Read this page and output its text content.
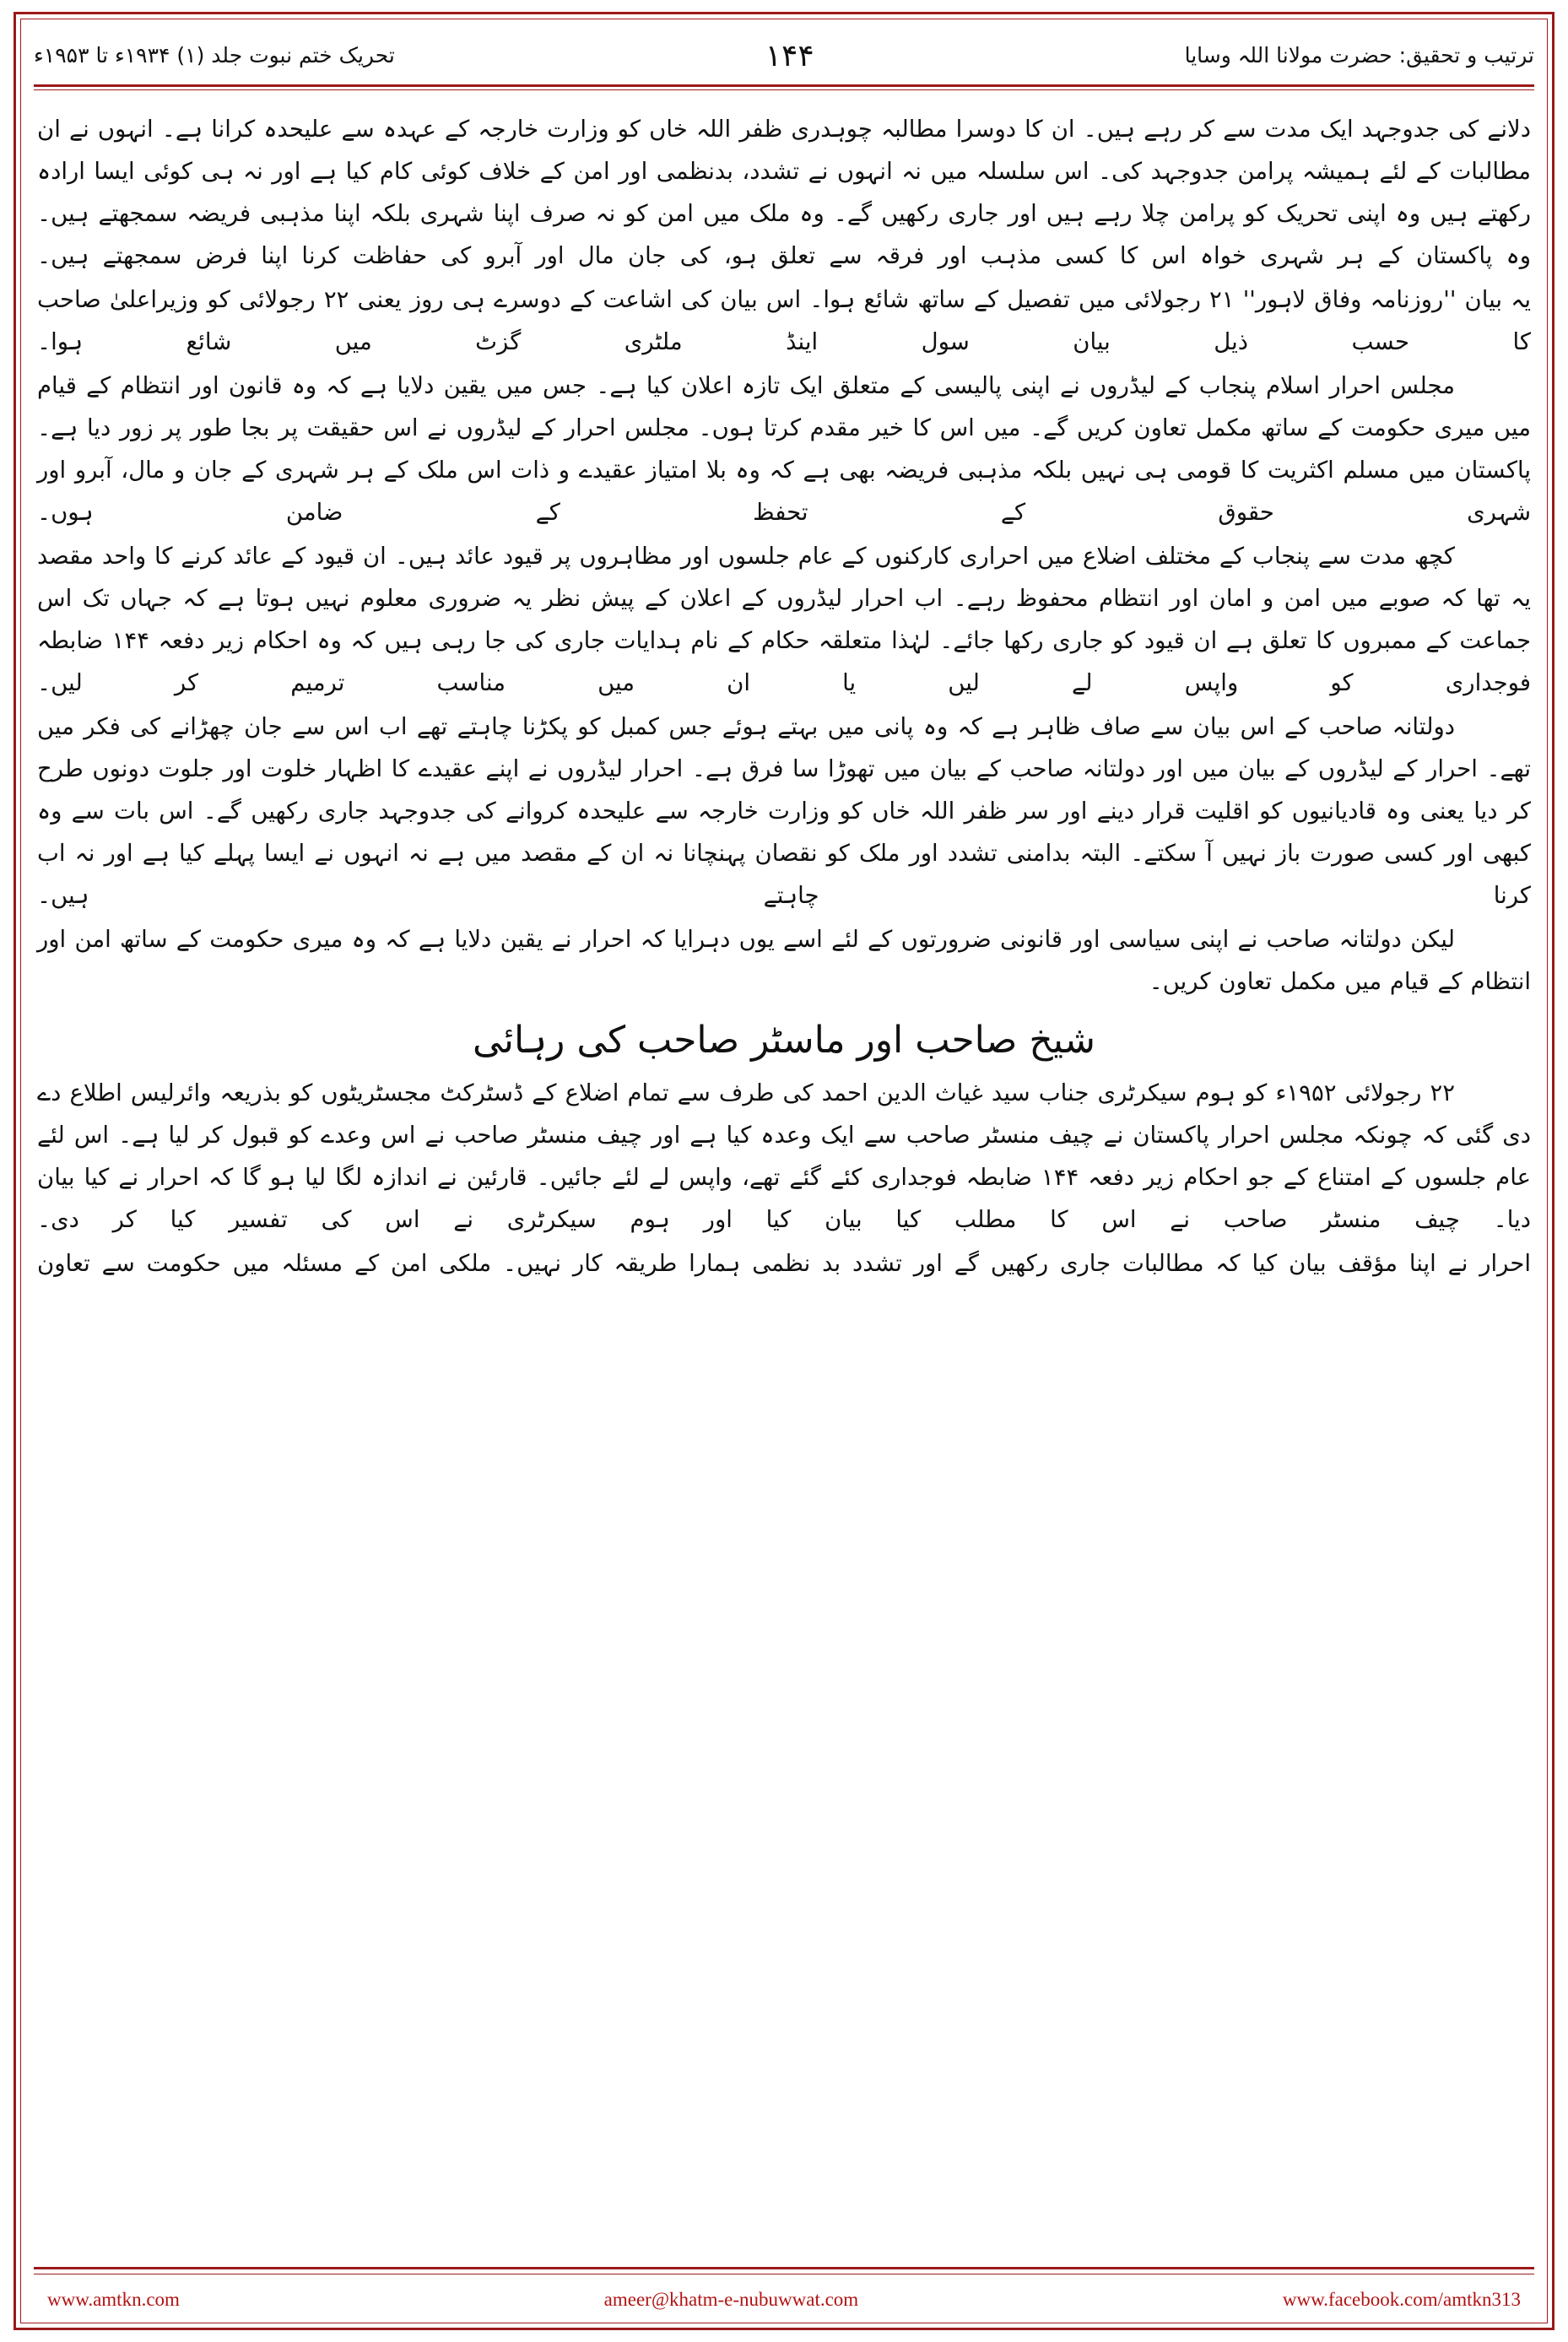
تحریک ختم نبوت جلد (۱) ۱۹۳۴ء تا ۱۹۵۳ء	۱۴۴	ترتیب و تحقیق: حضرت مولانا اللہ وسایا

دلانے کی جدوجہد ایک مدت سے کر رہے ہیں۔ ان کا دوسرا مطالبہ چوہدری ظفر اللہ خاں کو وزارت خارجہ کے عہدہ سے علیحدہ کرانا ہے۔ انہوں نے ان مطالبات کے لئے ہمیشہ پرامن جدوجہد کی۔ اس سلسلہ میں نہ انہوں نے تشدد، بدنظمی اور امن کے خلاف کوئی کام کیا ہے اور نہ ہی کوئی ایسا ارادہ رکھتے ہیں وہ اپنی تحریک کو پرامن چلا رہے ہیں اور جاری رکھیں گے۔ وہ ملک میں امن کو نہ صرف اپنا شہری بلکہ اپنا مذہبی فریضہ سمجھتے ہیں۔ وہ پاکستان کے ہر شہری خواہ اس کا کسی مذہب اور فرقہ سے تعلق ہو، کی جان مال اور آبرو کی حفاظت کرنا اپنا فرض سمجھتے ہیں۔

یہ بیان ''روزنامہ وفاق لاہور'' ۲۱ رجولائی میں تفصیل کے ساتھ شائع ہوا۔ اس بیان کی اشاعت کے دوسرے ہی روز یعنی ۲۲ رجولائی کو وزیراعلیٰ صاحب کا حسب ذیل بیان سول اینڈ ملٹری گزٹ میں شائع ہوا۔

مجلس احرار اسلام پنجاب کے لیڈروں نے اپنی پالیسی کے متعلق ایک تازہ اعلان کیا ہے۔ جس میں یقین دلایا ہے کہ وہ قانون اور انتظام کے قیام میں میری حکومت کے ساتھ مکمل تعاون کریں گے۔ میں اس کا خیر مقدم کرتا ہوں۔ مجلس احرار کے لیڈروں نے اس حقیقت پر بجا طور پر زور دیا ہے۔ پاکستان میں مسلم اکثریت کا قومی ہی نہیں بلکہ مذہبی فریضہ بھی ہے کہ وہ بلا امتیاز عقیدے و ذات اس ملک کے ہر شہری کے جان و مال، آبرو اور شہری حقوق کے تحفظ کے ضامن ہوں۔

کچھ مدت سے پنجاب کے مختلف اضلاع میں احراری کارکنوں کے عام جلسوں اور مظاہروں پر قیود عائد ہیں۔ ان قیود کے عائد کرنے کا واحد مقصد یہ تھا کہ صوبے میں امن و امان اور انتظام محفوظ رہے۔ اب احرار لیڈروں کے اعلان کے پیش نظر یہ ضروری معلوم نہیں ہوتا ہے کہ جہاں تک اس جماعت کے ممبروں کا تعلق ہے ان قیود کو جاری رکھا جائے۔ لہٰذا متعلقہ حکام کے نام ہدایات جاری کی جا رہی ہیں کہ وہ احکام زیر دفعہ ۱۴۴ ضابطہ فوجداری کو واپس لے لیں یا ان میں مناسب ترمیم کر لیں۔

دولتانہ صاحب کے اس بیان سے صاف ظاہر ہے کہ وہ پانی میں بہتے ہوئے جس کمبل کو پکڑنا چاہتے تھے اب اس سے جان چھڑانے کی فکر میں تھے۔ احرار کے لیڈروں کے بیان میں اور دولتانہ صاحب کے بیان میں تھوڑا سا فرق ہے۔ احرار لیڈروں نے اپنے عقیدے کا اظہار خلوت اور جلوت دونوں طرح کر دیا یعنی وہ قادیانیوں کو اقلیت قرار دینے اور سر ظفر اللہ خاں کو وزارت خارجہ سے علیحدہ کروانے کی جدوجہد جاری رکھیں گے۔ اس بات سے وہ کبھی اور کسی صورت باز نہیں آ سکتے۔ البتہ بدامنی تشدد اور ملک کو نقصان پہنچانا نہ ان کے مقصد میں ہے نہ انہوں نے ایسا پہلے کیا ہے اور نہ اب کرنا چاہتے ہیں۔

لیکن دولتانہ صاحب نے اپنی سیاسی اور قانونی ضرورتوں کے لئے اسے یوں دہرایا کہ احرار نے یقین دلایا ہے کہ وہ میری حکومت کے ساتھ امن اور انتظام کے قیام میں مکمل تعاون کریں۔

شیخ صاحب اور ماسٹر صاحب کی رہائی

۲۲ رجولائی ۱۹۵۲ء کو ہوم سیکرٹری جناب سید غیاث الدین احمد کی طرف سے تمام اضلاع کے ڈسٹرکٹ مجسٹریٹوں کو بذریعہ وائرلیس اطلاع دے دی گئی کہ چونکہ مجلس احرار پاکستان نے چیف منسٹر صاحب سے ایک وعدہ کیا ہے اور چیف منسٹر صاحب نے اس وعدے کو قبول کر لیا ہے۔ اس لئے عام جلسوں کے امتناع کے جو احکام زیر دفعہ ۱۴۴ ضابطہ فوجداری کئے گئے تھے، واپس لے لئے جائیں۔ قارئین نے اندازہ لگا لیا ہو گا کہ احرار نے کیا بیان دیا۔ چیف منسٹر صاحب نے اس کا مطلب کیا بیان کیا اور ہوم سیکرٹری نے اس کی تفسیر کیا کر دی۔

احرار نے اپنا مؤقف بیان کیا کہ مطالبات جاری رکھیں گے اور تشدد بد نظمی ہمارا طریقہ کار نہیں۔ ملکی امن کے مسئلہ میں حکومت سے تعاون

www.amtkn.com	ameer@khatm-e-nubuwwat.com	www.facebook.com/amtkn313
